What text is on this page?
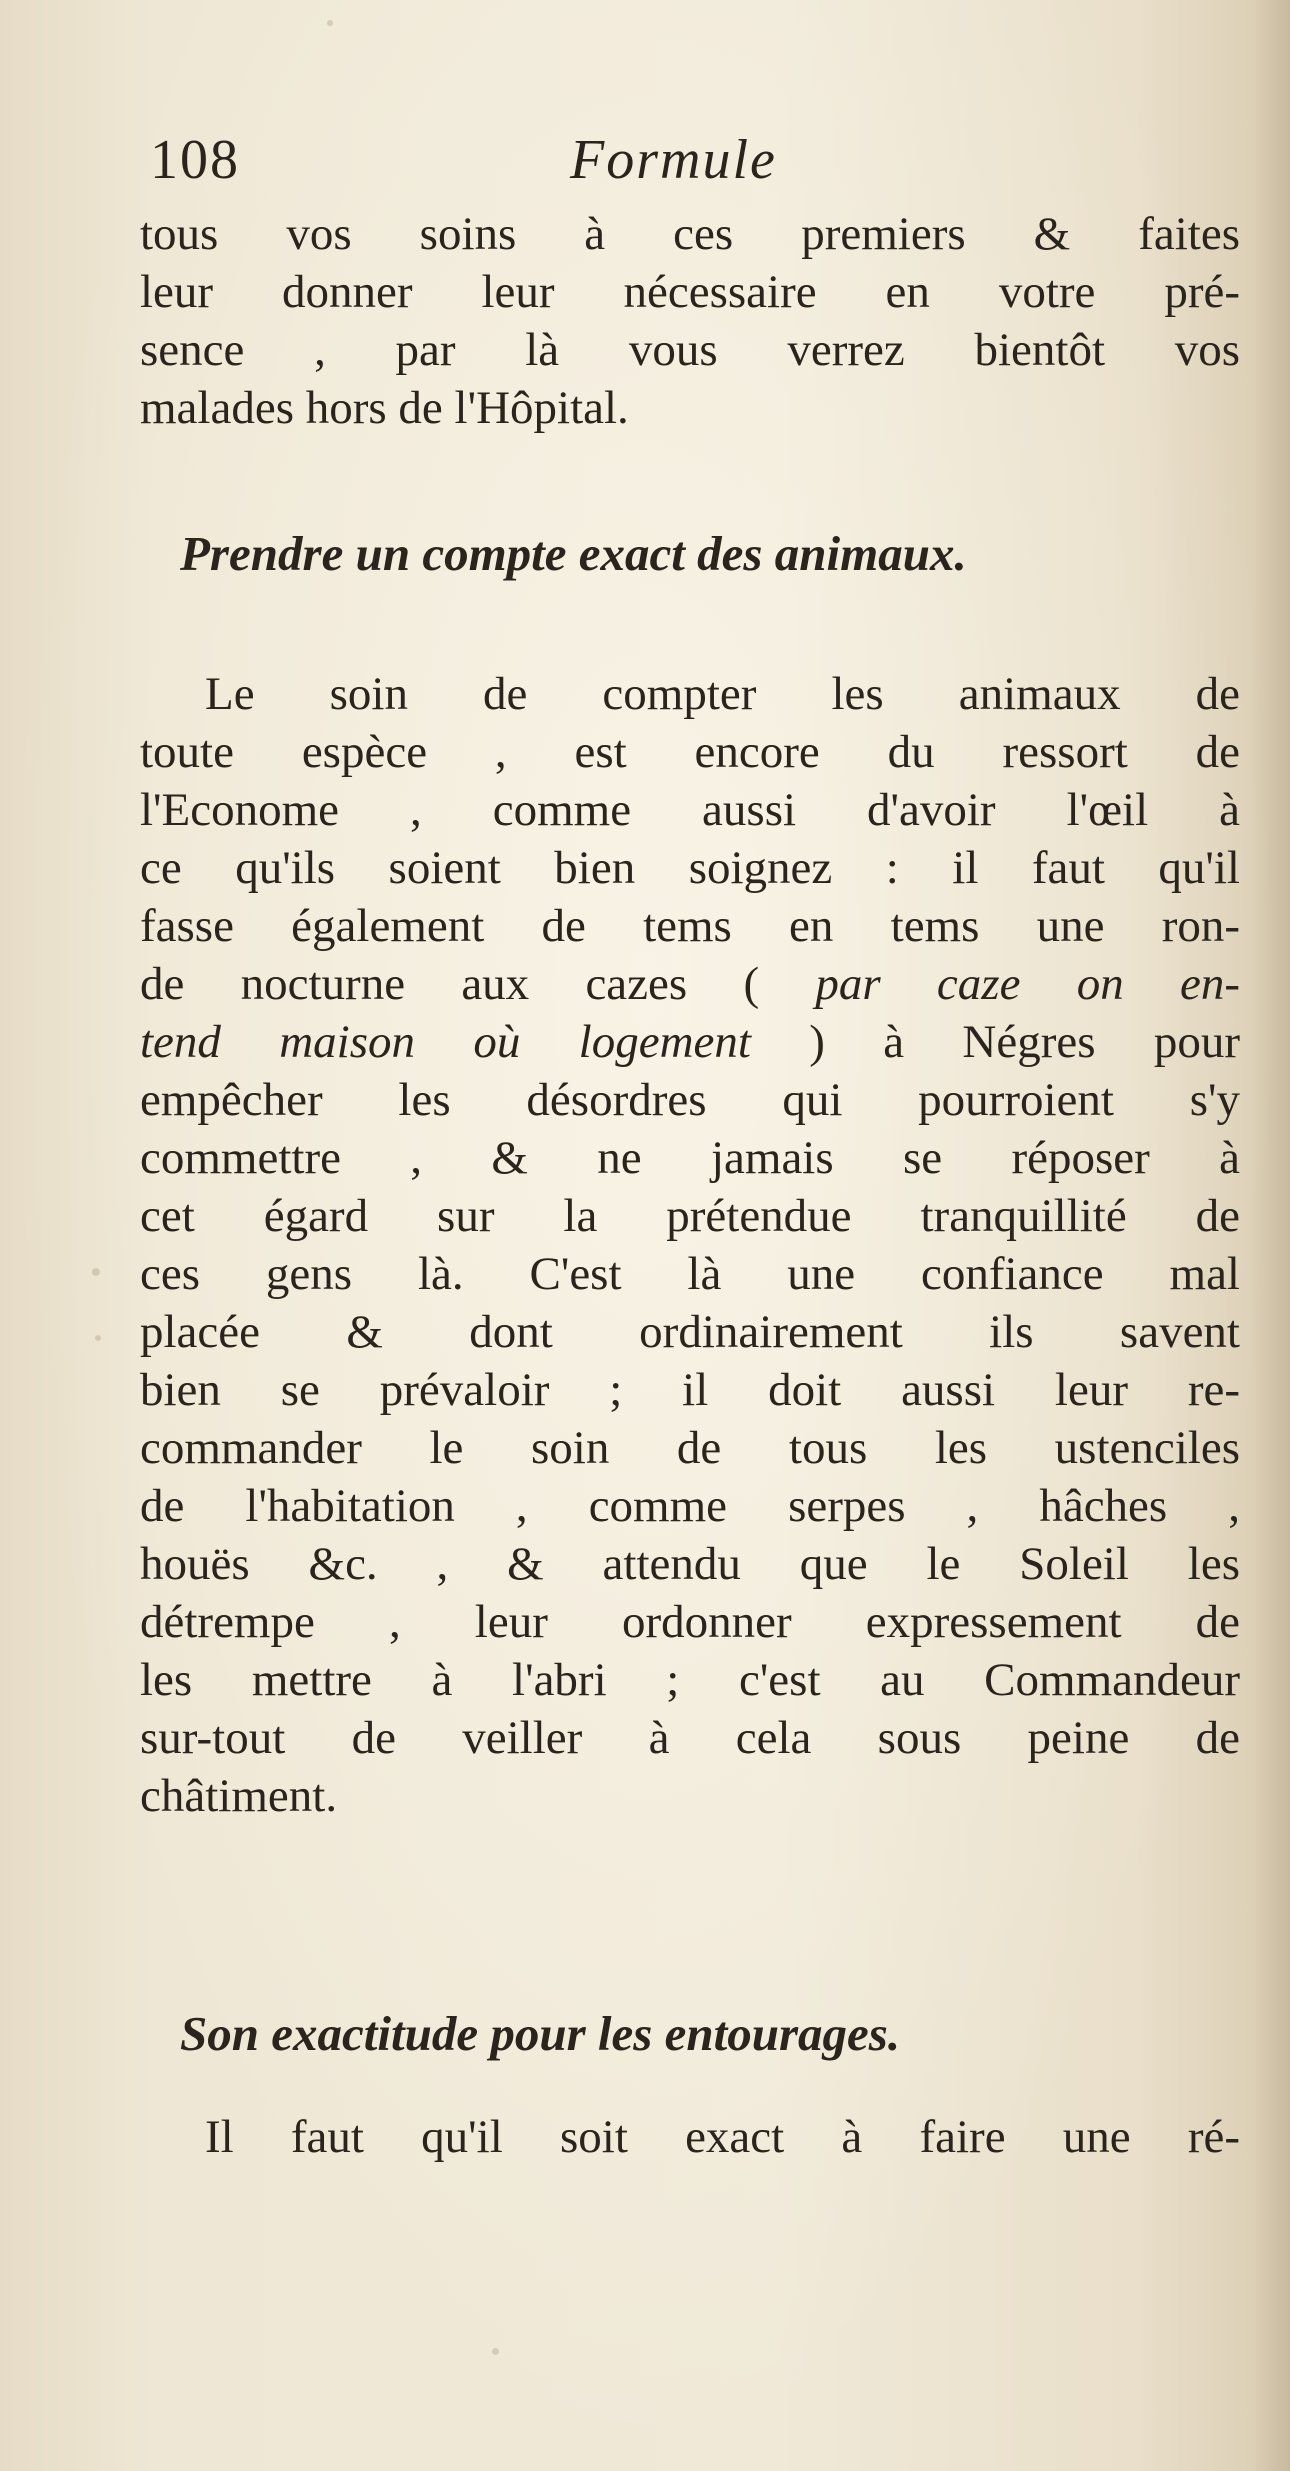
108	Formule

tous vos soins à ces premiers & faites
leur donner leur nécessaire en votre pré-
sence , par là vous verrez bientôt vos
malades hors de l'Hôpital.

Prendre un compte exact des animaux.

Le soin de compter les animaux de
toute espèce , est encore du ressort de
l'Econome , comme aussi d'avoir l'œil à
ce qu'ils soient bien soignez : il faut qu'il
fasse également de tems en tems une ron-
de nocturne aux cazes ( par caze on en-
tend maison où logement ) à Négres pour
empêcher les désordres qui pourroient s'y
commettre , & ne jamais se réposer à
cet égard sur la prétendue tranquillité de
ces gens là. C'est là une confiance mal
placée & dont ordinairement ils savent
bien se prévaloir ; il doit aussi leur re-
commander le soin de tous les ustenciles
de l'habitation , comme serpes , hâches ,
houës &c. , & attendu que le Soleil les
détrempe , leur ordonner expressement de
les mettre à l'abri ; c'est au Commandeur
sur-tout de veiller à cela sous peine de
châtiment.

Son exactitude pour les entourages.

Il faut qu'il soit exact à faire une ré-
